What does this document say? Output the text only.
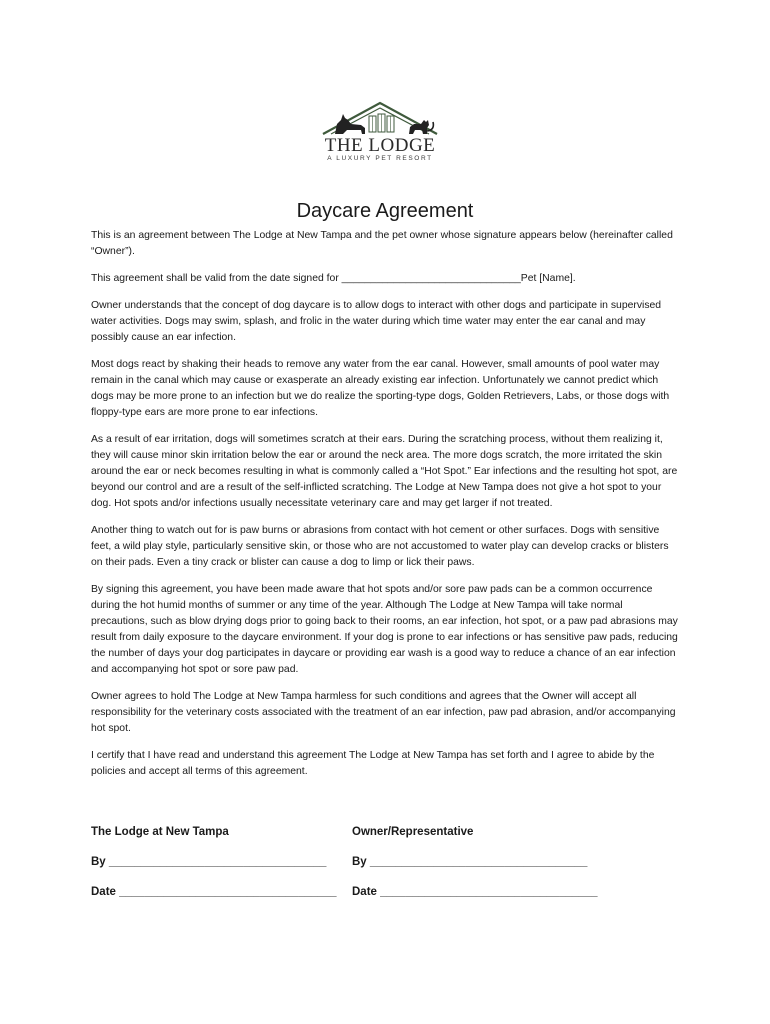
THE LODGE
A LUXURY PET RESORT
Daycare Agreement

This is an agreement between The Lodge at New Tampa and the pet owner whose signature appears below (hereinafter called “Owner”).

This agreement shall be valid from the date signed for _______________________________Pet [Name].

Owner understands that the concept of dog daycare is to allow dogs to interact with other dogs and participate in supervised water activities. Dogs may swim, splash, and frolic in the water during which time water may enter the ear canal and may possibly cause an ear infection.

Most dogs react by shaking their heads to remove any water from the ear canal. However, small amounts of pool water may remain in the canal which may cause or exasperate an already existing ear infection. Unfortunately we cannot predict which dogs may be more prone to an infection but we do realize the sporting-type dogs, Golden Retrievers, Labs, or those dogs with floppy-type ears are more prone to ear infections.

As a result of ear irritation, dogs will sometimes scratch at their ears. During the scratching process, without them realizing it, they will cause minor skin irritation below the ear or around the neck area. The more dogs scratch, the more irritated the skin around the ear or neck becomes resulting in what is commonly called a “Hot Spot.” Ear infections and the resulting hot spot, are beyond our control and are a result of the self-inflicted scratching. The Lodge at New Tampa does not give a hot spot to your dog. Hot spots and/or infections usually necessitate veterinary care and may get larger if not treated.

Another thing to watch out for is paw burns or abrasions from contact with hot cement or other surfaces. Dogs with sensitive feet, a wild play style, particularly sensitive skin, or those who are not accustomed to water play can develop cracks or blisters on their pads. Even a tiny crack or blister can cause a dog to limp or lick their paws.

By signing this agreement, you have been made aware that hot spots and/or sore paw pads can be a common occurrence during the hot humid months of summer or any time of the year. Although The Lodge at New Tampa will take normal precautions, such as blow drying dogs prior to going back to their rooms, an ear infection, hot spot, or a paw pad abrasions may result from daily exposure to the daycare environment. If your dog is prone to ear infections or has sensitive paw pads, reducing the number of days your dog participates in daycare or providing ear wash is a good way to reduce a chance of an ear infection and accompanying hot spot or sore paw pad.

Owner agrees to hold The Lodge at New Tampa harmless for such conditions and agrees that the Owner will accept all responsibility for the veterinary costs associated with the treatment of an ear infection, paw pad abrasion, and/or accompanying hot spot.

I certify that I have read and understand this agreement The Lodge at New Tampa has set forth and I agree to abide by the policies and accept all terms of this agreement.

The Lodge at New Tampa	Owner/Representative
By __________________________________	By __________________________________
Date __________________________________	Date __________________________________
